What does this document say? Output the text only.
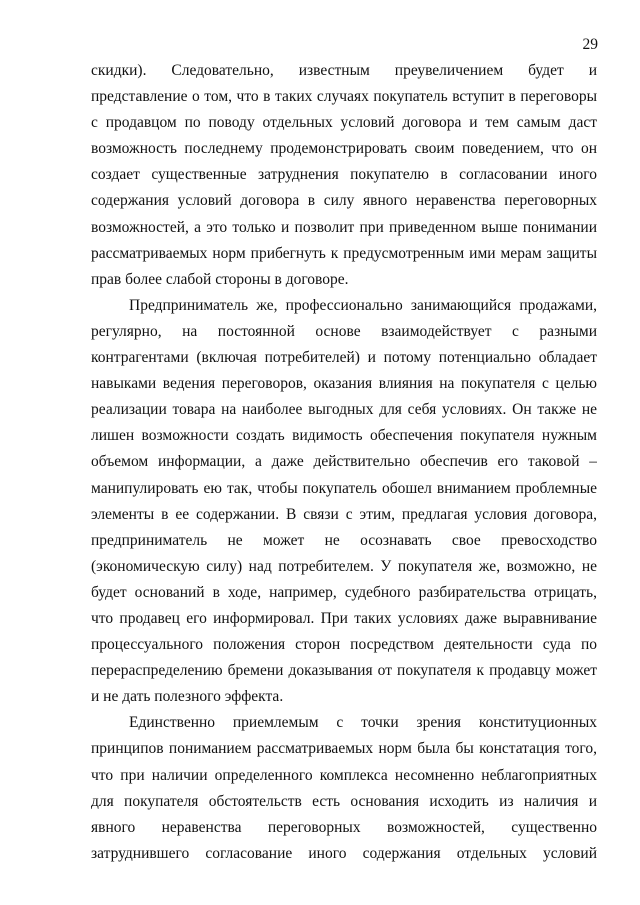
29
скидки). Следовательно, известным преувеличением будет и
представление о том, что в таких случаях покупатель вступит в переговоры
с продавцом по поводу отдельных условий договора и тем самым даст
возможность последнему продемонстрировать своим поведением, что он
создает существенные затруднения покупателю в согласовании иного
содержания условий договора в силу явного неравенства переговорных
возможностей, а это только и позволит при приведенном выше понимании
рассматриваемых норм прибегнуть к предусмотренным ими мерам защиты
прав более слабой стороны в договоре.
Предприниматель же, профессионально занимающийся продажами,
регулярно, на постоянной основе взаимодействует с разными
контрагентами (включая потребителей) и потому потенциально обладает
навыками ведения переговоров, оказания влияния на покупателя с целью
реализации товара на наиболее выгодных для себя условиях. Он также не
лишен возможности создать видимость обеспечения покупателя нужным
объемом информации, а даже действительно обеспечив его таковой –
манипулировать ею так, чтобы покупатель обошел вниманием проблемные
элементы в ее содержании. В связи с этим, предлагая условия договора,
предприниматель не может не осознавать свое превосходство
(экономическую силу) над потребителем. У покупателя же, возможно, не
будет оснований в ходе, например, судебного разбирательства отрицать,
что продавец его информировал. При таких условиях даже выравнивание
процессуального положения сторон посредством деятельности суда по
перераспределению бремени доказывания от покупателя к продавцу может
и не дать полезного эффекта.
Единственно приемлемым с точки зрения конституционных
принципов пониманием рассматриваемых норм была бы констатация того,
что при наличии определенного комплекса несомненно неблагоприятных
для покупателя обстоятельств есть основания исходить из наличия и
явного неравенства переговорных возможностей, существенно
затруднившего согласование иного содержания отдельных условий
